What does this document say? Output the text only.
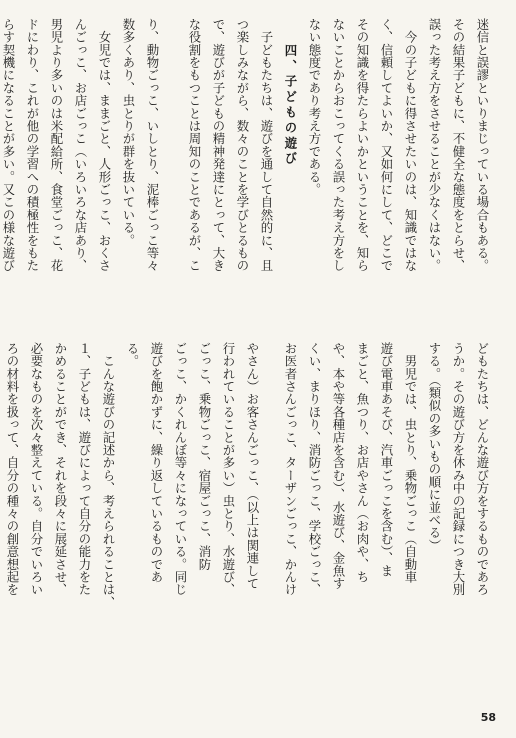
迷信と誤謬といりまじっている場合もある。
その結果子どもに、不健全な態度をとらせ、
誤った考え方をさせることが少なくはない。
　今の子どもに得させたいのは、知識ではな
く、信頼してよいか、又如何にして、どこで
その知識を得たらよいかということを、知ら
ないことからおこってくる誤った考え方をし
ない態度であり考え方である。
四、子どもの遊び
　子どもたちは、遊びを通して自然的に、且
つ楽しみながら、数々のことを学びとるもの
で、遊びが子どもの精神発達にとって、大き
な役割をもつことは周知のことであるが、こ
どもたちは、どんな遊び方をするものであろ
うか。その遊び方を休み中の記録につき大別
する。（類似の多いもの順に並べる）
　男児では、虫とり、乗物ごっこ（自動車
遊び電車あそび、汽車ごっこを含む）、ま
まごと、魚つり、お店やさん（お肉や、ち
や、本や等各種店を含む）、水遊び、金魚す
くい、まりほり、消防ごっこ、学校ごっこ、
お医者さんごっこ、ターザンごっこ、かんけ
り、動物ごっこ、いしとり、泥棒ごっこ等々
数多くあり、虫とりが群を抜いている。
　女児では、ままごと、人形ごっこ、おくさ
んごっこ、お店ごっこ（いろいろな店あり、
男児より多いのは米配給所、食堂ごっこ、花
ドにわり、これが他の学習への積極性をもた
らす契機になることが多い。又この様な遊び
やさん）お客さんごっこ、（以上は関連して
行われていることが多い）虫とり、水遊び、
ごっこ、乗物ごっこ、宿屋ごっこ、消防
ごっこ、かくれんぼ等々になっている。同じ
遊びを飽かずに、繰り返しているものであ
る。
　こんな遊びの記述から、考えられることは、
１、子どもは、遊びによって自分の能力をた
かめることができ、それを段々に展延させ、
必要なものを次々整えている。自分でいろい
ろの材料を扱って、自分の種々の創意想起を
58
